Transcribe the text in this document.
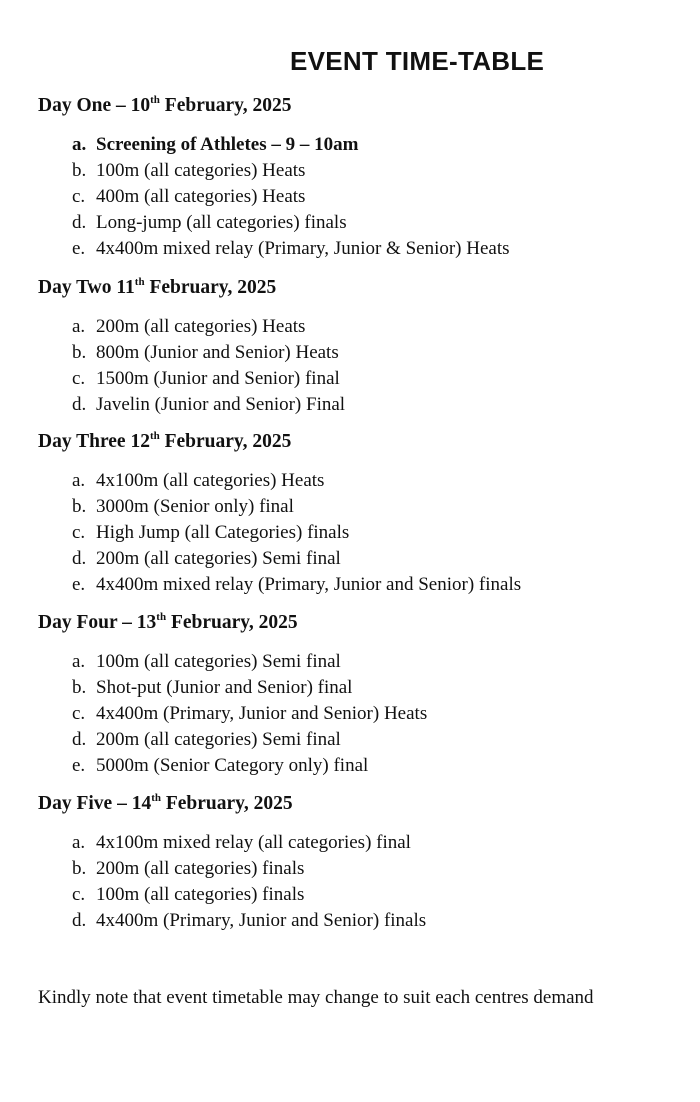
EVENT TIME-TABLE
Day One – 10th February, 2025
a. Screening of Athletes – 9 – 10am
b. 100m (all categories) Heats
c. 400m (all categories) Heats
d. Long-jump (all categories) finals
e. 4x400m mixed relay (Primary, Junior & Senior) Heats
Day Two 11th February, 2025
a. 200m (all categories) Heats
b. 800m (Junior and Senior) Heats
c. 1500m (Junior and Senior) final
d. Javelin (Junior and Senior) Final
Day Three 12th February, 2025
a. 4x100m (all categories) Heats
b. 3000m (Senior only) final
c. High Jump (all Categories) finals
d. 200m (all categories) Semi final
e. 4x400m mixed relay (Primary, Junior and Senior) finals
Day Four – 13th February, 2025
a. 100m (all categories) Semi final
b. Shot-put (Junior and Senior) final
c. 4x400m (Primary, Junior and Senior) Heats
d. 200m (all categories) Semi final
e. 5000m (Senior Category only) final
Day Five – 14th February, 2025
a. 4x100m mixed relay (all categories) final
b. 200m (all categories) finals
c. 100m (all categories) finals
d. 4x400m (Primary, Junior and Senior) finals

Kindly note that event timetable may change to suit each centres demand
